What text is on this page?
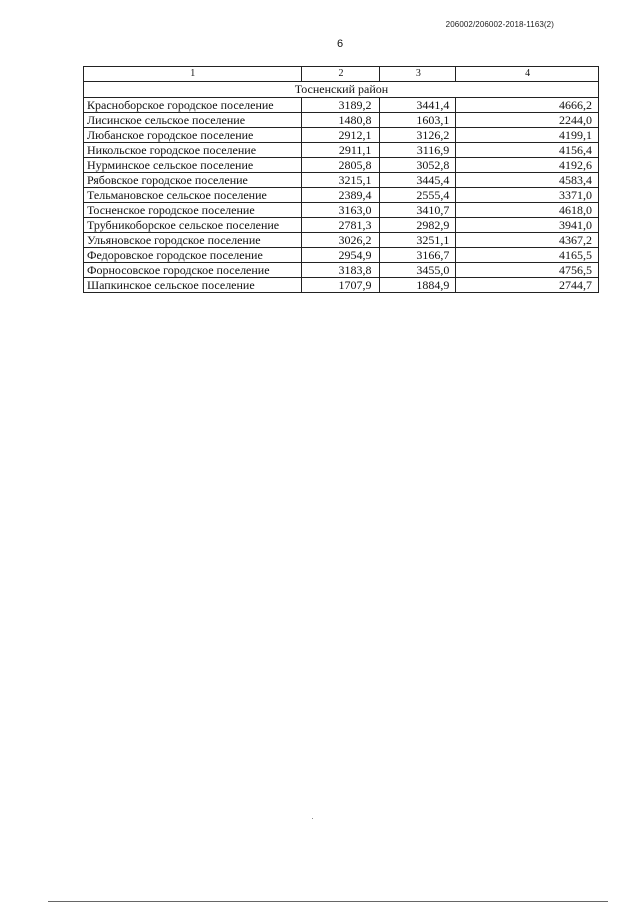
206002/206002-2018-1163(2)
6
1	2	3	4
Тосненский район			
Красноборское городское поселение	3189,2	3441,4	4666,2
Лисинское сельское поселение	1480,8	1603,1	2244,0
Любанское городское поселение	2912,1	3126,2	4199,1
Никольское городское поселение	2911,1	3116,9	4156,4
Нурминское сельское поселение	2805,8	3052,8	4192,6
Рябовское городское поселение	3215,1	3445,4	4583,4
Тельмановское сельское поселение	2389,4	2555,4	3371,0
Тосненское городское поселение	3163,0	3410,7	4618,0
Трубникоборское сельское поселение	2781,3	2982,9	3941,0
Ульяновское городское поселение	3026,2	3251,1	4367,2
Федоровское городское поселение	2954,9	3166,7	4165,5
Форносовское городское поселение	3183,8	3455,0	4756,5
Шапкинское сельское поселение	1707,9	1884,9	2744,7
